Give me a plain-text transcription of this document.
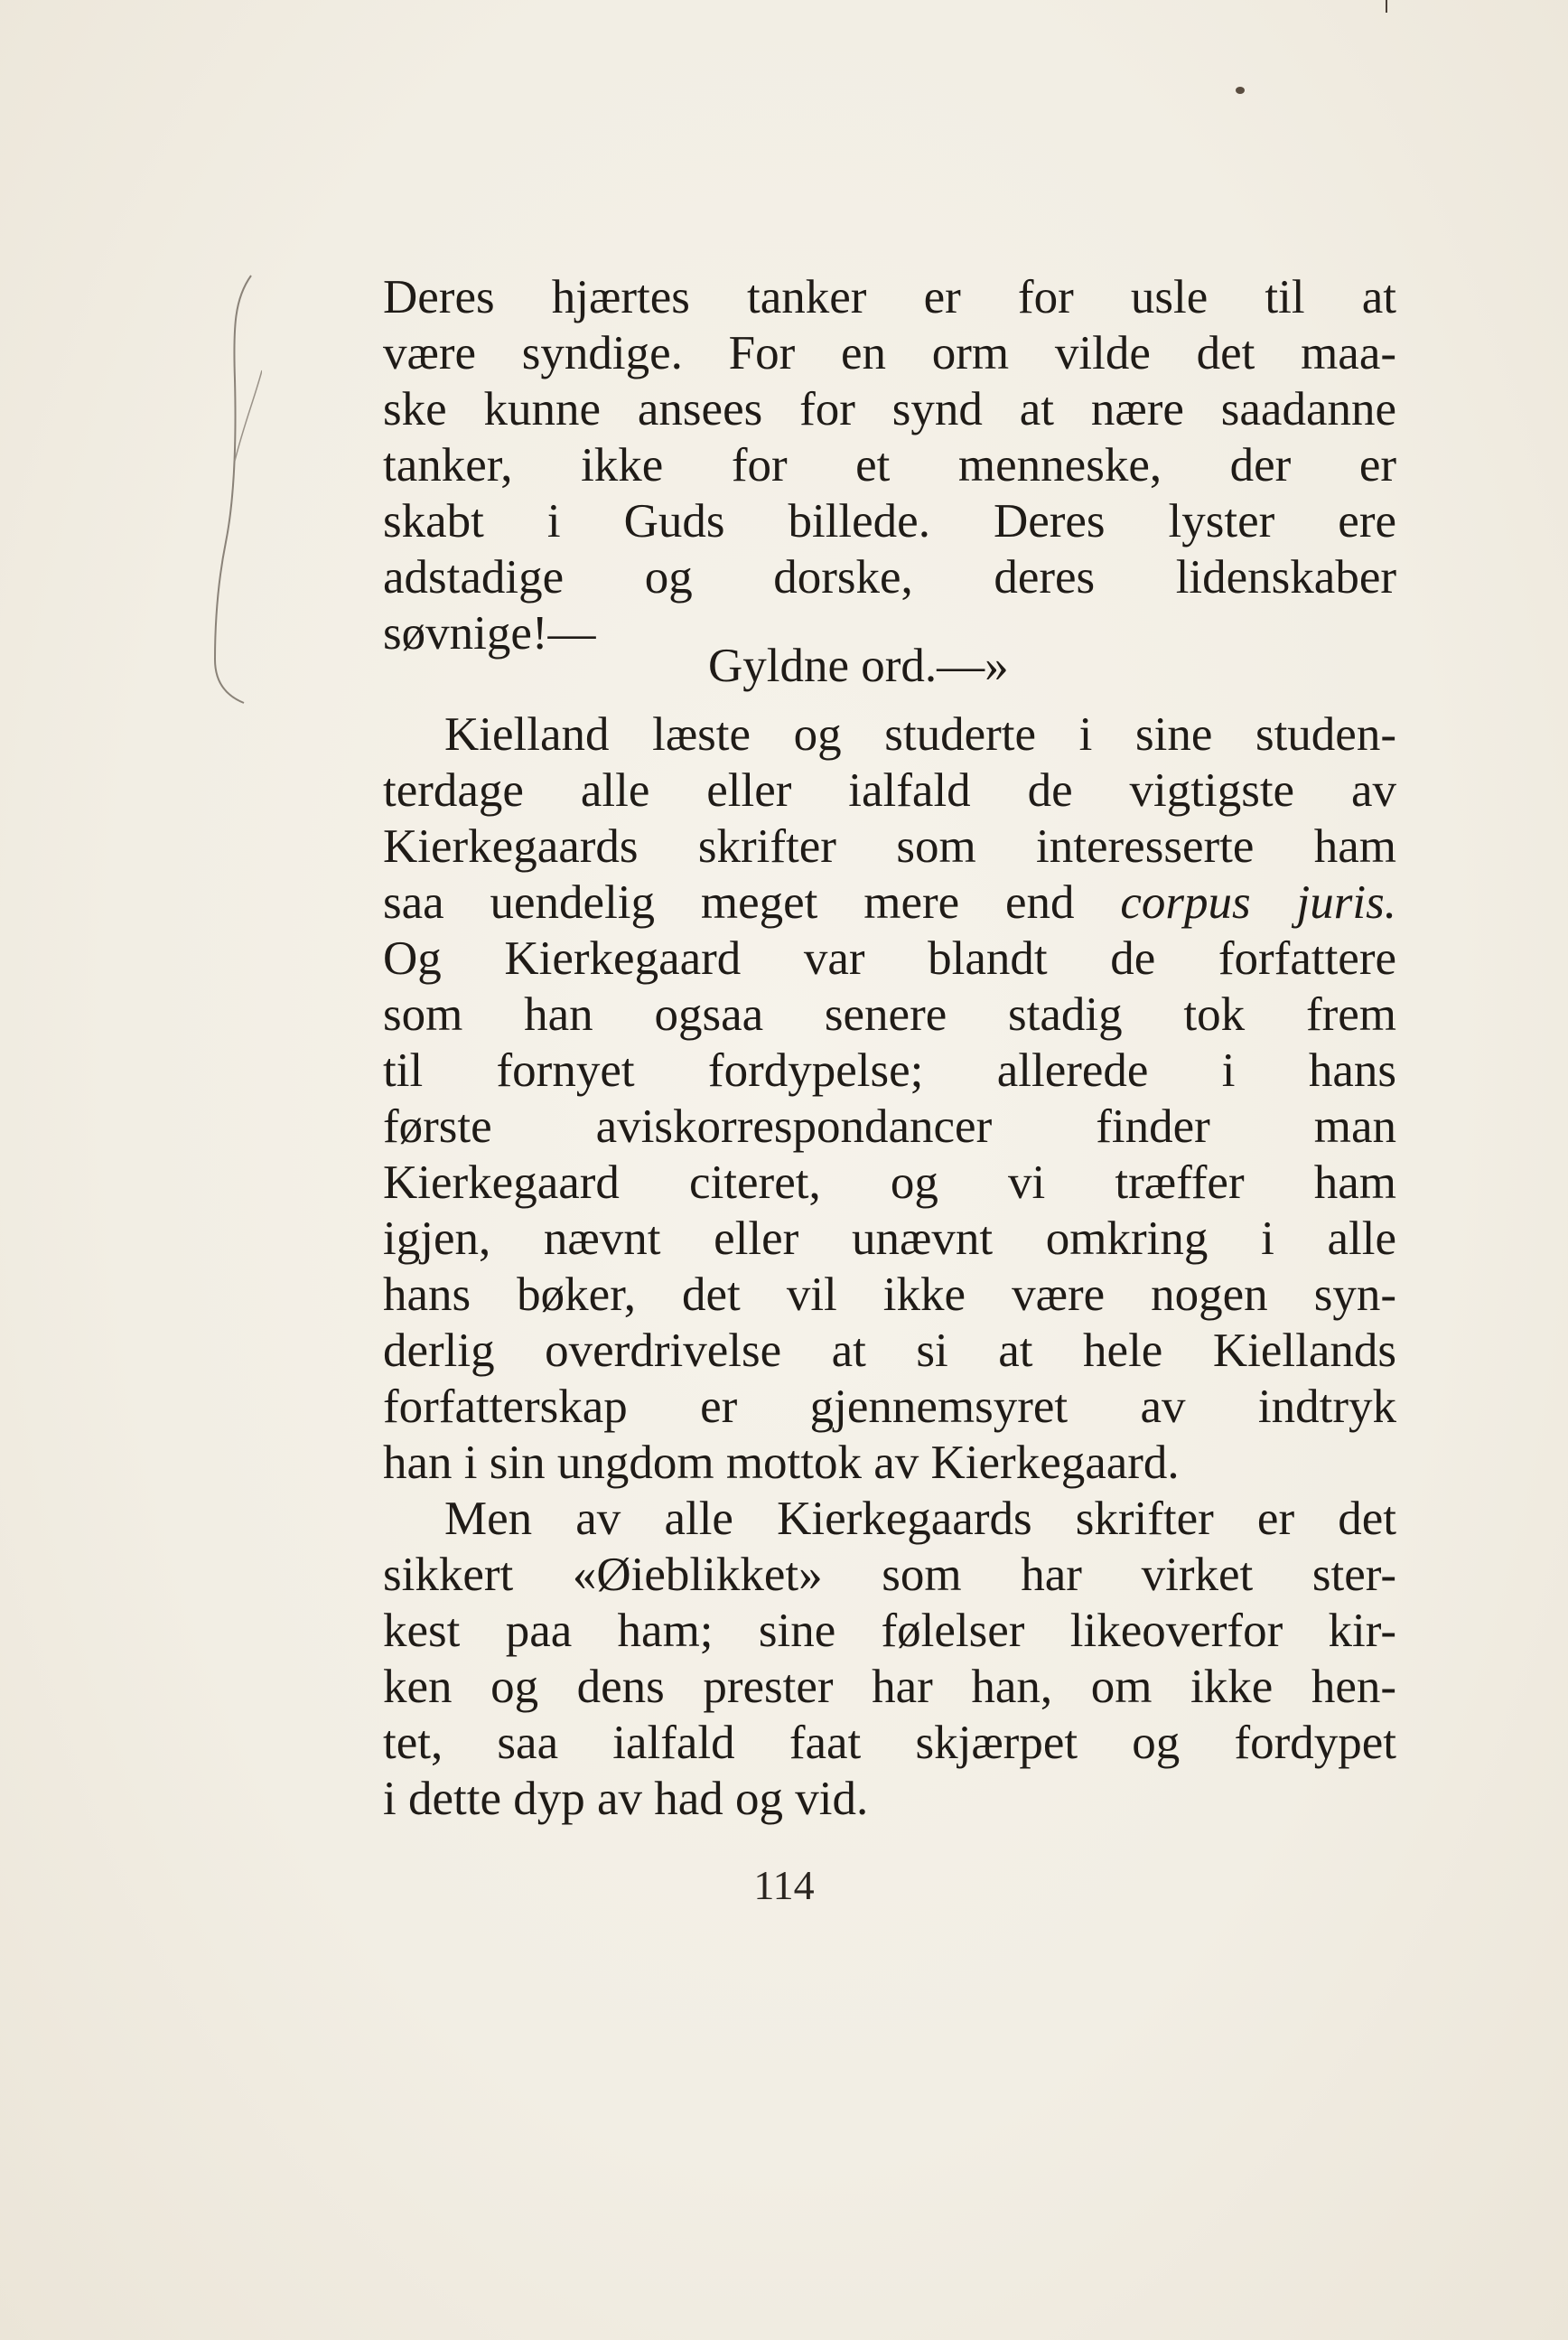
Deres hjærtes tanker er for usle til at
være syndige. For en orm vilde det maa-
ske kunne ansees for synd at nære saadanne
tanker, ikke for et menneske, der er
skabt i Guds billede. Deres lyster ere
adstadige og dorske, deres lidenskaber
søvnige!—
Gyldne ord.—»
Kielland læste og studerte i sine studen-
terdage alle eller ialfald de vigtigste av
Kierkegaards skrifter som interesserte ham
saa uendelig meget mere end corpus juris.
Og Kierkegaard var blandt de forfattere
som han ogsaa senere stadig tok frem
til fornyet fordypelse; allerede i hans
første aviskorrespondancer finder man
Kierkegaard citeret, og vi træffer ham
igjen, nævnt eller unævnt omkring i alle
hans bøker, det vil ikke være nogen syn-
derlig overdrivelse at si at hele Kiellands
forfatterskap er gjennemsyret av indtryk
han i sin ungdom mottok av Kierkegaard.
Men av alle Kierkegaards skrifter er det
sikkert «Øieblikket» som har virket ster-
kest paa ham; sine følelser likeoverfor kir-
ken og dens prester har han, om ikke hen-
tet, saa ialfald faat skjærpet og fordypet
i dette dyp av had og vid.
114
